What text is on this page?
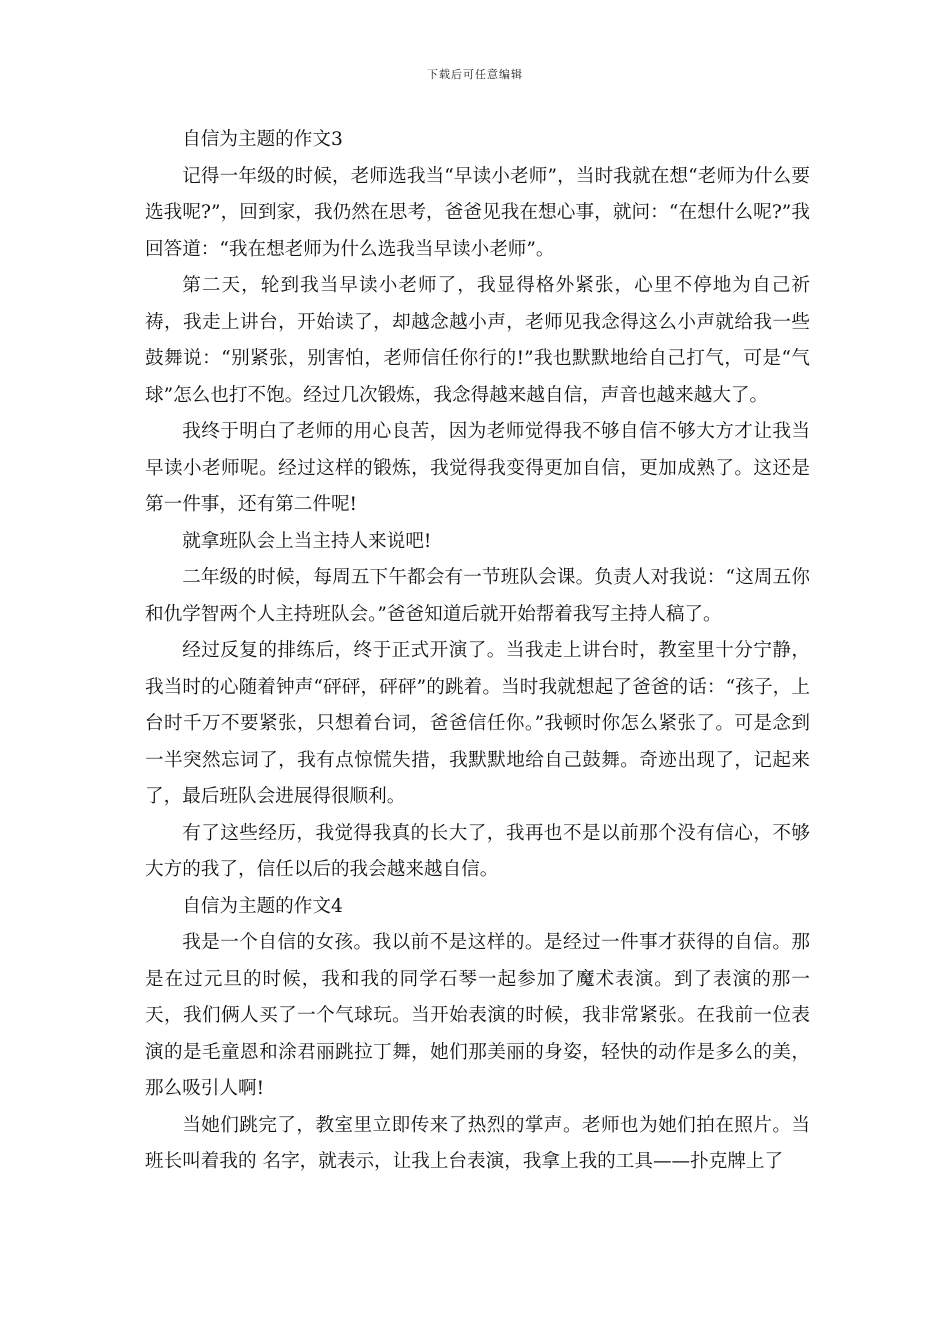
下载后可任意编辑

自信为主题的作文3

记得一年级的时候，老师选我当“早读小老师”，当时我就在想“老师为什么要选我呢?”，回到家，我仍然在思考，爸爸见我在想心事，就问：“在想什么呢?”我回答道：“我在想老师为什么选我当早读小老师”。

第二天，轮到我当早读小老师了，我显得格外紧张，心里不停地为自己祈祷，我走上讲台，开始读了，却越念越小声，老师见我念得这么小声就给我一些鼓舞说：“别紧张，别害怕，老师信任你行的!”我也默默地给自己打气，可是“气球”怎么也打不饱。经过几次锻炼，我念得越来越自信，声音也越来越大了。

我终于明白了老师的用心良苦，因为老师觉得我不够自信不够大方才让我当早读小老师呢。经过这样的锻炼，我觉得我变得更加自信，更加成熟了。这还是第一件事，还有第二件呢!

就拿班队会上当主持人来说吧!

二年级的时候，每周五下午都会有一节班队会课。负责人对我说：“这周五你和仇学智两个人主持班队会。”爸爸知道后就开始帮着我写主持人稿了。

经过反复的排练后，终于正式开演了。当我走上讲台时，教室里十分宁静，我当时的心随着钟声“砰砰，砰砰”的跳着。当时我就想起了爸爸的话：“孩子，上台时千万不要紧张，只想着台词，爸爸信任你。”我顿时你怎么紧张了。可是念到一半突然忘词了，我有点惊慌失措，我默默地给自己鼓舞。奇迹出现了，记起来了，最后班队会进展得很顺利。

有了这些经历，我觉得我真的长大了，我再也不是以前那个没有信心，不够大方的我了，信任以后的我会越来越自信。

自信为主题的作文4

我是一个自信的女孩。我以前不是这样的。是经过一件事才获得的自信。那是在过元旦的时候，我和我的同学石琴一起参加了魔术表演。到了表演的那一天，我们俩人买了一个气球玩。当开始表演的时候，我非常紧张。在我前一位表演的是毛童恩和涂君丽跳拉丁舞，她们那美丽的身姿，轻快的动作是多么的美，那么吸引人啊!

当她们跳完了，教室里立即传来了热烈的掌声。老师也为她们拍在照片。当班长叫着我的 名字，就表示，让我上台表演，我拿上我的工具——扑克牌上了
